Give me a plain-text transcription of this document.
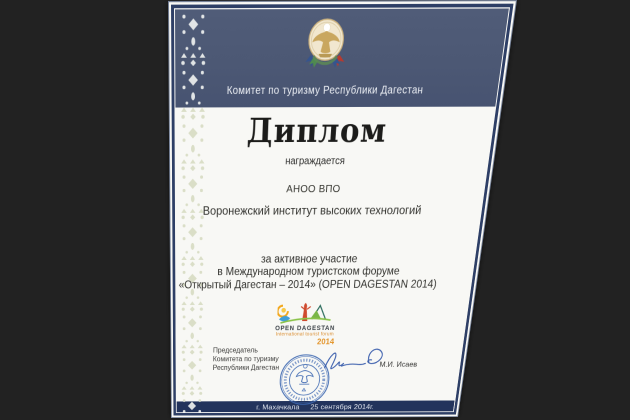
Комитет по туризму Республики Дагестан
Диплом
награждается
АНОО ВПО
Воронежский институт высоких технологий
за активное участие
в Международном туристском форуме
«Открытый Дагестан – 2014» (OPEN DAGESTAN 2014)
OPEN DAGESTAN
International tourist forum
2014
Председатель
Комитета по туризму
Республики Дагестан	М.И. Исаев
г. Махачкала 25 сентября 2014г.
